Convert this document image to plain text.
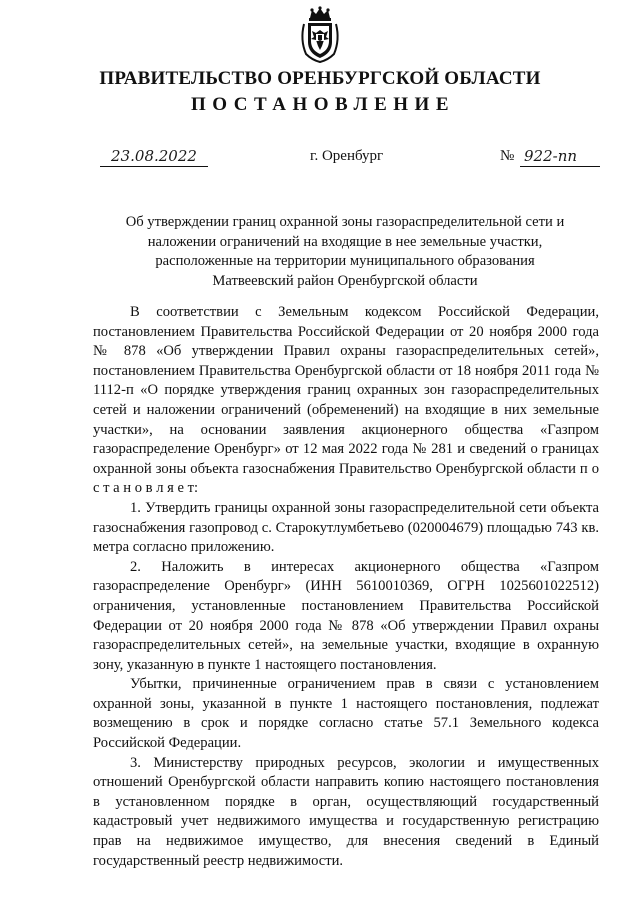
ПРАВИТЕЛЬСТВО ОРЕНБУРГСКОЙ ОБЛАСТИ
ПОСТАНОВЛЕНИЕ
23.08.2022	г. Оренбург	№ 922-пп
Об утверждении границ охранной зоны газораспределительной сети и
наложении ограничений на входящие в нее земельные участки,
расположенные на территории муниципального образования
Матвеевский район Оренбургской области

В соответствии с Земельным кодексом Российской Федерации, постановлением Правительства Российской Федерации от 20 ноября 2000 года № 878 «Об утверждении Правил охраны газораспределительных сетей», постановлением Правительства Оренбургской области от 18 ноября 2011 года № 1112-п «О порядке утверждения границ охранных зон газораспределительных сетей и наложении ограничений (обременений) на входящие в них земельные участки», на основании заявления акционерного общества «Газпром газораспределение Оренбург» от 12 мая 2022 года № 281 и сведений о границах охранной зоны объекта газоснабжения Правительство Оренбургской области п о с т а н о в л я е т:

1. Утвердить границы охранной зоны газораспределительной сети объекта газоснабжения газопровод с. Старокутлумбетьево (020004679) площадью 743 кв. метра согласно приложению.

2. Наложить в интересах акционерного общества «Газпром газораспределение Оренбург» (ИНН 5610010369, ОГРН 1025601022512) ограничения, установленные постановлением Правительства Российской Федерации от 20 ноября 2000 года № 878 «Об утверждении Правил охраны газораспределительных сетей», на земельные участки, входящие в охранную зону, указанную в пункте 1 настоящего постановления.

Убытки, причиненные ограничением прав в связи с установлением охранной зоны, указанной в пункте 1 настоящего постановления, подлежат возмещению в срок и порядке согласно статье 57.1 Земельного кодекса Российской Федерации.

3. Министерству природных ресурсов, экологии и имущественных отношений Оренбургской области направить копию настоящего постановления в установленном порядке в орган, осуществляющий государственный кадастровый учет недвижимого имущества и государственную регистрацию прав на недвижимое имущество, для внесения сведений в Единый государственный реестр недвижимости.
